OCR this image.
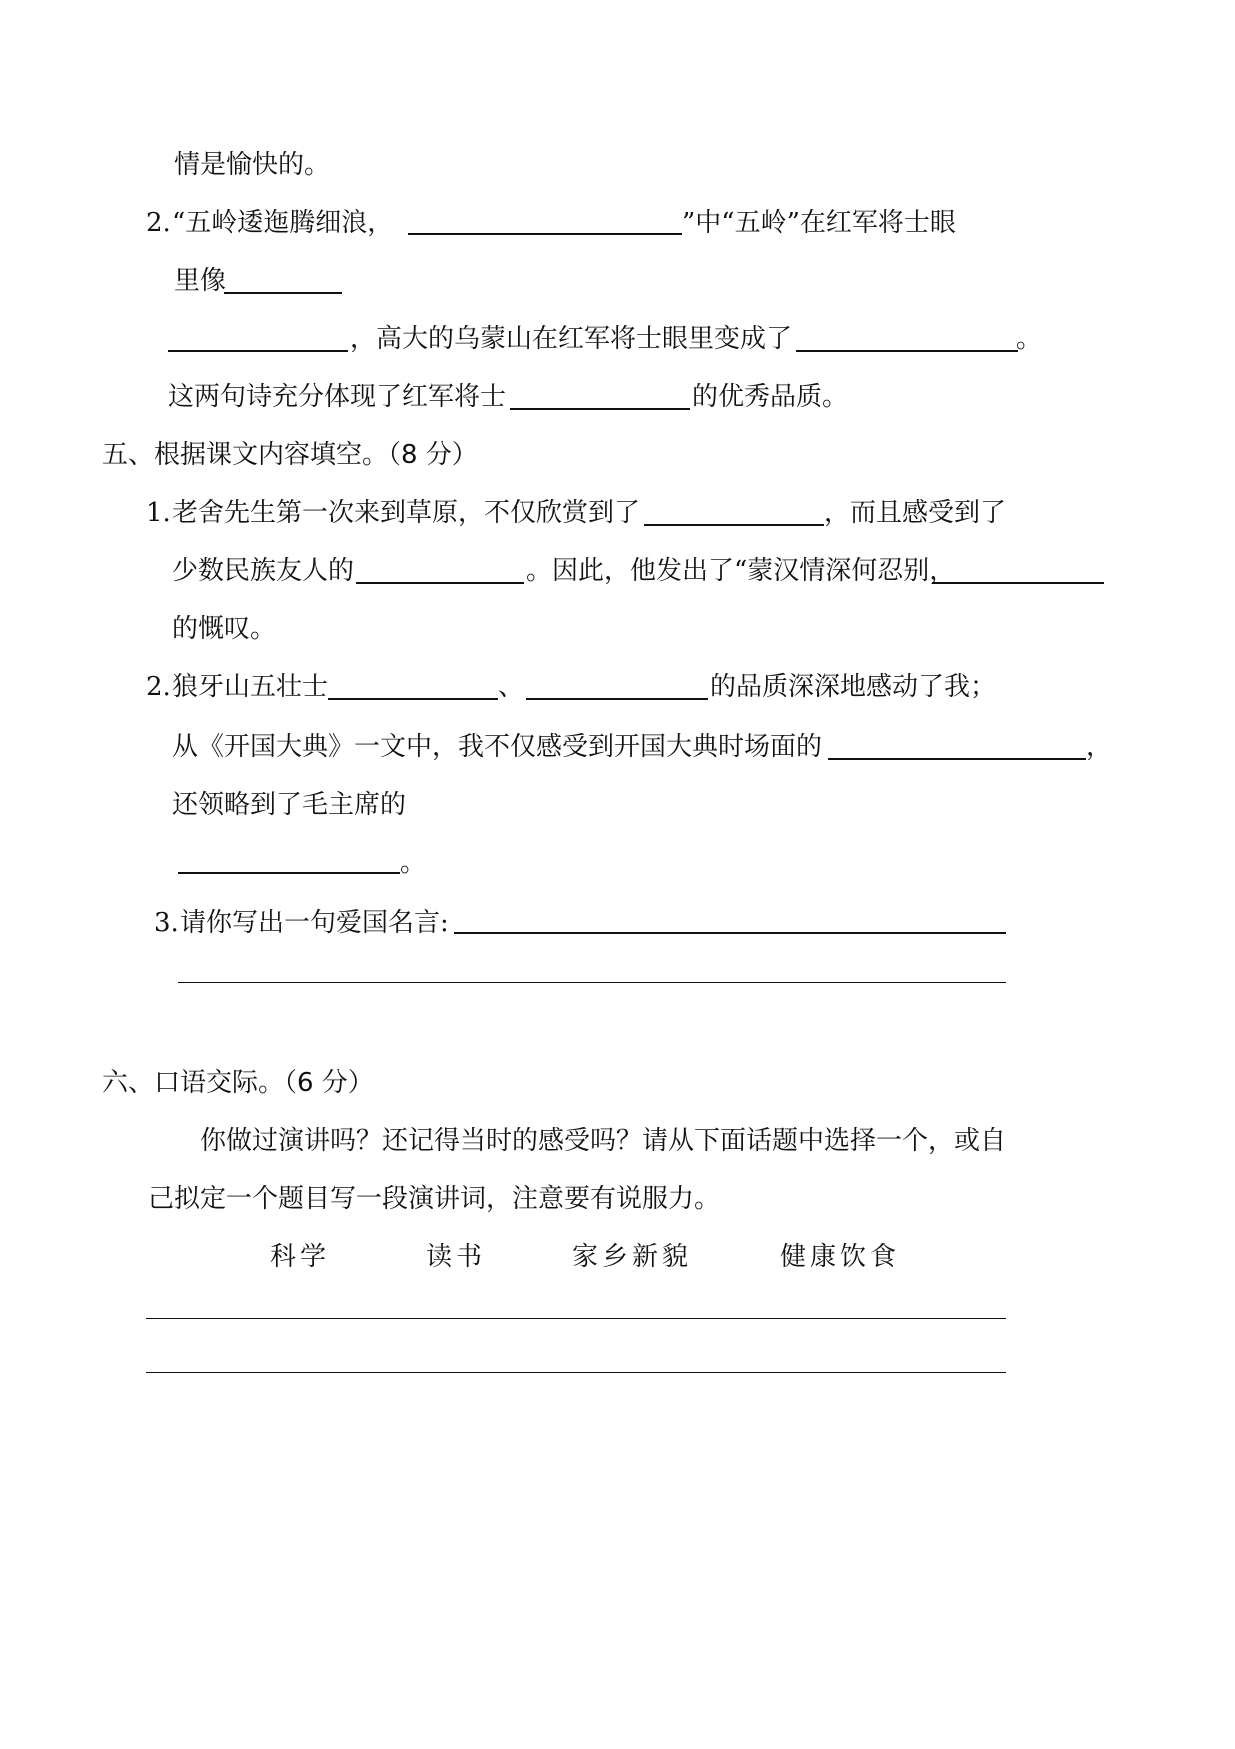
情是愉快的。
2. “五岭逶迤腾细浪，	”中“五岭”在红军将士眼
里像
，高大的乌蒙山在红军将士眼里变成了	。
这两句诗充分体现了红军将士	的优秀品质。
五、根据课文内容填空。（8 分）
1. 老舍先生第一次来到草原，不仅欣赏到了	，而且感受到了
少数民族友人的	。因此，他发出了“蒙汉情深何忍别，
的慨叹。
2. 狼牙山五壮士	、	的品质深深地感动了我；
从《开国大典》一文中，我不仅感受到开国大典时场面的	，
还领略到了毛主席的
。
3. 请你写出一句爱国名言:
六、口语交际。（6 分）
你做过演讲吗？还记得当时的感受吗？请从下面话题中选择一个，或自
己拟定一个题目写一段演讲词，注意要有说服力。
科学	读书	家乡新貌	健康饮食
